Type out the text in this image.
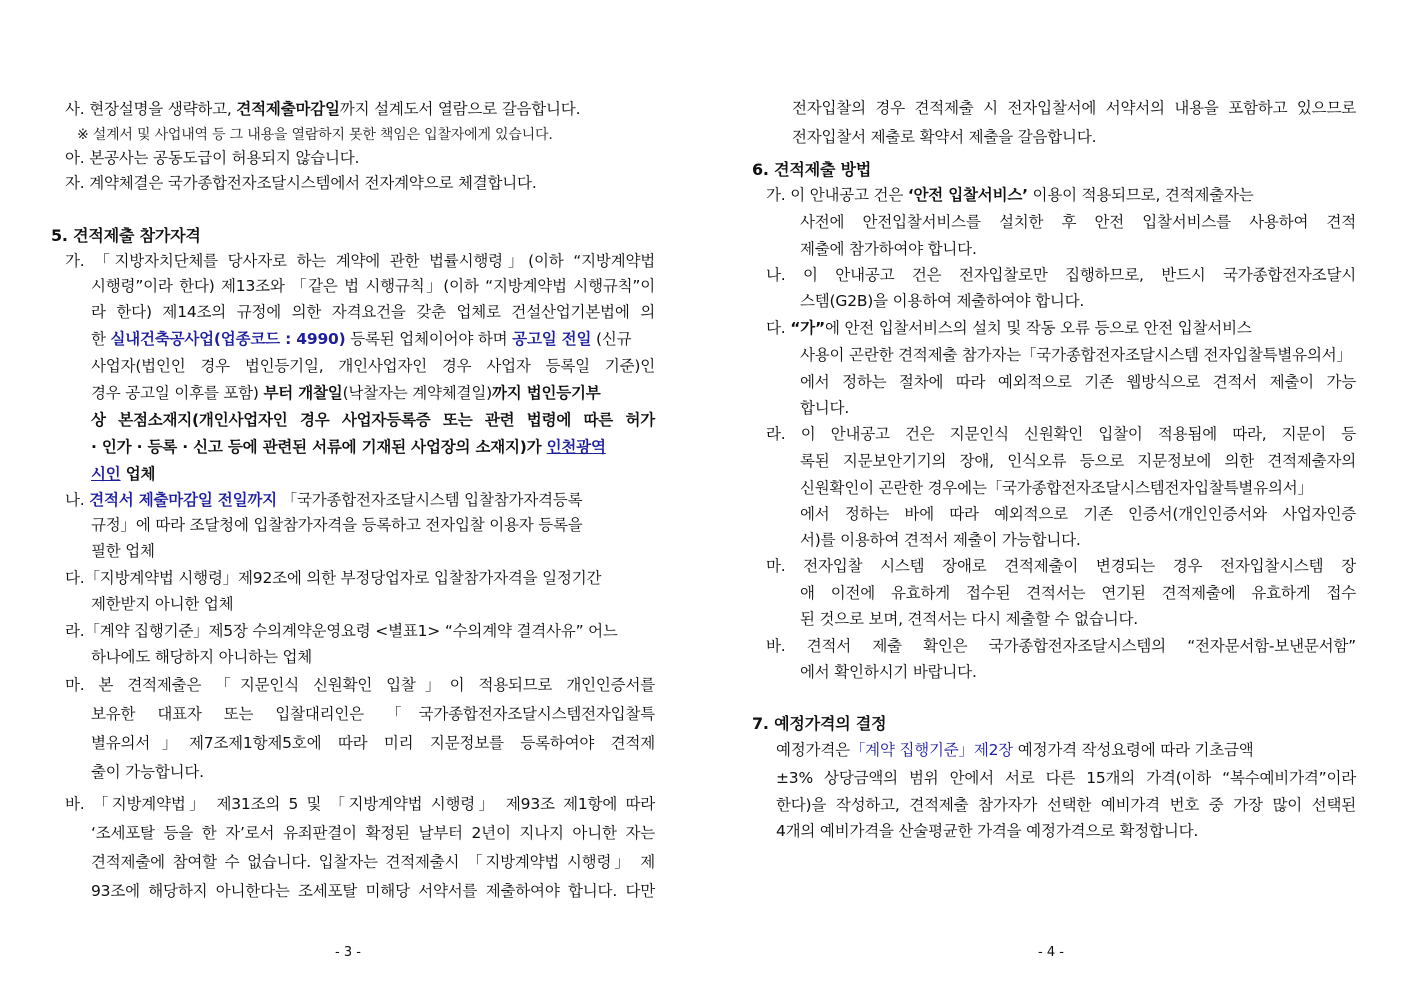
사. 현장설명을 생략하고, 견적제출마감일까지 설계도서 열람으로 갈음합니다.
※ 설계서 및 사업내역 등 그 내용을 열람하지 못한 책임은 입찰자에게 있습니다.
아. 본공사는 공동도급이 허용되지 않습니다.
자. 계약체결은 국가종합전자조달시스템에서 전자계약으로 체결합니다.
5. 견적제출 참가자격
가. 「지방자치단체를 당사자로 하는 계약에 관한 법률시행령」(이하 “지방계약법
시행령”이라 한다) 제13조와 「같은 법 시행규칙」(이하 “지방계약법 시행규칙”이
라 한다) 제14조의 규정에 의한 자격요건을 갖춘 업체로 건설산업기본법에 의
한 실내건축공사업(업종코드 : 4990) 등록된 업체이어야 하며 공고일 전일 (신규
사업자(법인인 경우 법인등기일, 개인사업자인 경우 사업자 등록일 기준)인
경우 공고일 이후를 포함) 부터 개찰일(낙찰자는 계약체결일)까지 법인등기부
상 본점소재지(개인사업자인 경우 사업자등록증 또는 관련 법령에 따른 허가
· 인가 · 등록 · 신고 등에 관련된 서류에 기재된 사업장의 소재지)가 인천광역
시인 업체
나. 견적서 제출마감일 전일까지 「국가종합전자조달시스템 입찰참가자격등록
규정」에 따라 조달청에 입찰참가자격을 등록하고 전자입찰 이용자 등록을
필한 업체
다.「지방계약법 시행령」제92조에 의한 부정당업자로 입찰참가자격을 일정기간
제한받지 아니한 업체
라.「계약 집행기준」제5장 수의계약운영요령 <별표1> “수의계약 결격사유” 어느
하나에도 해당하지 아니하는 업체
마. 본 견적제출은 「지문인식 신원확인 입찰」이 적용되므로 개인인증서를
보유한 대표자 또는 입찰대리인은 「국가종합전자조달시스템전자입찰특
별유의서」제7조제1항제5호에 따라 미리 지문정보를 등록하여야 견적제
출이 가능합니다.
바. 「지방계약법」 제31조의 5 및 「지방계약법 시행령」 제93조 제1항에 따라
‘조세포탈 등을 한 자’로서 유죄판결이 확정된 날부터 2년이 지나지 아니한 자는
견적제출에 참여할 수 없습니다. 입찰자는 견적제출시 「지방계약법 시행령」 제
93조에 해당하지 아니한다는 조세포탈 미해당 서약서를 제출하여야 합니다. 다만
- 3 -
전자입찰의 경우 견적제출 시 전자입찰서에 서약서의 내용을 포함하고 있으므로
전자입찰서 제출로 확약서 제출을 갈음합니다.
6. 견적제출 방법
가. 이 안내공고 건은 ‘안전 입찰서비스’ 이용이 적용되므로, 견적제출자는
사전에 안전입찰서비스를 설치한 후 안전 입찰서비스를 사용하여 견적
제출에 참가하여야 합니다.
나. 이 안내공고 건은 전자입찰로만 집행하므로, 반드시 국가종합전자조달시
스템(G2B)을 이용하여 제출하여야 합니다.
다. “가”에 안전 입찰서비스의 설치 및 작동 오류 등으로 안전 입찰서비스
사용이 곤란한 견적제출 참가자는「국가종합전자조달시스템 전자입찰특별유의서」
에서 정하는 절차에 따라 예외적으로 기존 웹방식으로 견적서 제출이 가능
합니다.
라. 이 안내공고 건은 지문인식 신원확인 입찰이 적용됨에 따라, 지문이 등
록된 지문보안기기의 장애, 인식오류 등으로 지문정보에 의한 견적제출자의
신원확인이 곤란한 경우에는「국가종합전자조달시스템전자입찰특별유의서」
에서 정하는 바에 따라 예외적으로 기존 인증서(개인인증서와 사업자인증
서)를 이용하여 견적서 제출이 가능합니다.
마. 전자입찰 시스템 장애로 견적제출이 변경되는 경우 전자입찰시스템 장
애 이전에 유효하게 접수된 견적서는 연기된 견적제출에 유효하게 접수
된 것으로 보며, 견적서는 다시 제출할 수 없습니다.
바. 견적서 제출 확인은 국가종합전자조달시스템의 “전자문서함-보낸문서함”
에서 확인하시기 바랍니다.
7. 예정가격의 결정
예정가격은「계약 집행기준」제2장 예정가격 작성요령에 따라 기초금액
±3% 상당금액의 범위 안에서 서로 다른 15개의 가격(이하 “복수예비가격”이라
한다)을 작성하고, 견적제출 참가자가 선택한 예비가격 번호 중 가장 많이 선택된
4개의 예비가격을 산술평균한 가격을 예정가격으로 확정합니다.
- 4 -
